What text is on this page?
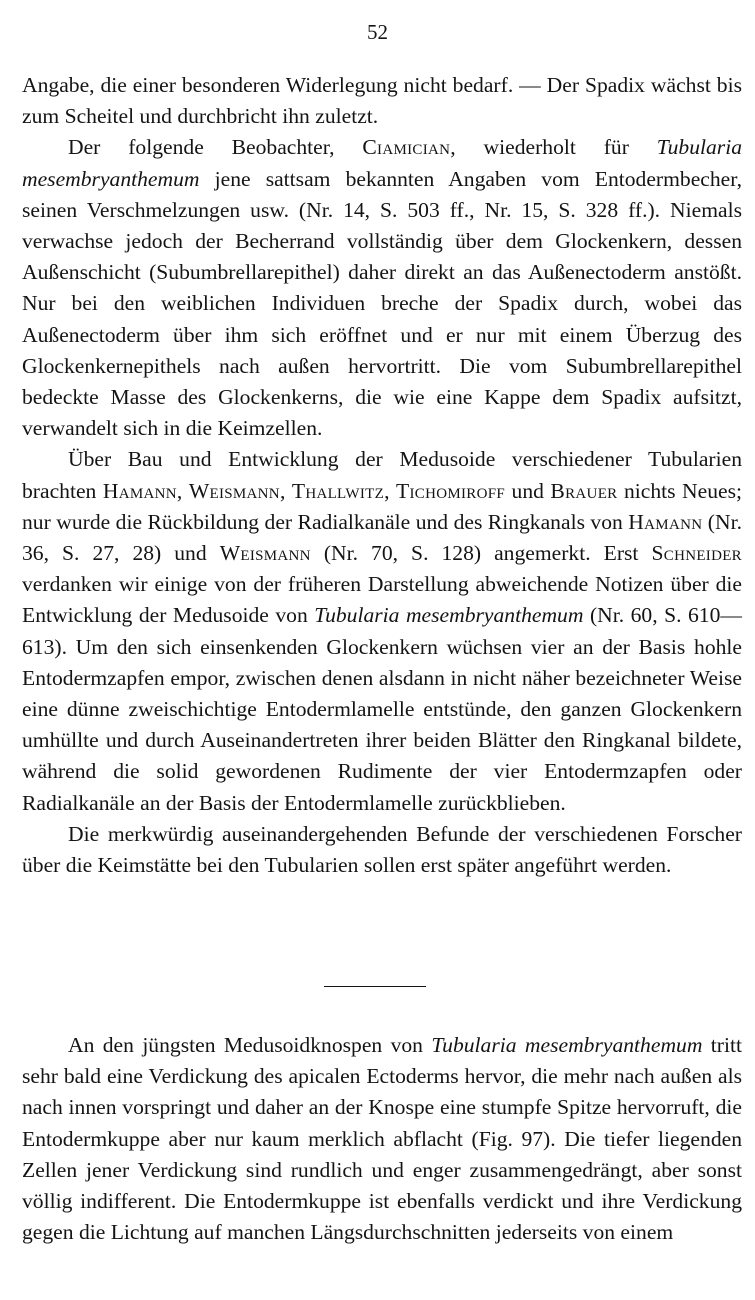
52

Angabe, die einer besonderen Widerlegung nicht bedarf. — Der Spadix wächst bis zum Scheitel und durchbricht ihn zuletzt.

Der folgende Beobachter, Ciamician, wiederholt für Tubularia mesembryanthemum jene sattsam bekannten Angaben vom Entodermbecher, seinen Verschmelzungen usw. (Nr. 14, S. 503 ff., Nr. 15, S. 328 ff.). Niemals verwachse jedoch der Becherrand vollständig über dem Glockenkern, dessen Außenschicht (Subumbrellarepithel) daher direkt an das Außenectoderm anstößt. Nur bei den weiblichen Individuen breche der Spadix durch, wobei das Außenectoderm über ihm sich eröffnet und er nur mit einem Überzug des Glockenkernepithels nach außen hervortritt. Die vom Subumbrellarepithel bedeckte Masse des Glockenkerns, die wie eine Kappe dem Spadix aufsitzt, verwandelt sich in die Keimzellen.

Über Bau und Entwicklung der Medusoide verschiedener Tubularien brachten Hamann, Weismann, Thallwitz, Tichomiroff und Brauer nichts Neues; nur wurde die Rückbildung der Radialkanäle und des Ringkanals von Hamann (Nr. 36, S. 27, 28) und Weismann (Nr. 70, S. 128) angemerkt. Erst Schneider verdanken wir einige von der früheren Darstellung abweichende Notizen über die Entwicklung der Medusoide von Tubularia mesembryanthemum (Nr. 60, S. 610—613). Um den sich einsenkenden Glockenkern wüchsen vier an der Basis hohle Entodermzapfen empor, zwischen denen alsdann in nicht näher bezeichneter Weise eine dünne zweischichtige Entodermlamelle entstünde, den ganzen Glockenkern umhüllte und durch Auseinandertreten ihrer beiden Blätter den Ringkanal bildete, während die solid gewordenen Rudimente der vier Entodermzapfen oder Radialkanäle an der Basis der Entodermlamelle zurückblieben.

Die merkwürdig auseinandergehenden Befunde der verschiedenen Forscher über die Keimstätte bei den Tubularien sollen erst später angeführt werden.

An den jüngsten Medusoidknospen von Tubularia mesembryanthemum tritt sehr bald eine Verdickung des apicalen Ectoderms hervor, die mehr nach außen als nach innen vorspringt und daher an der Knospe eine stumpfe Spitze hervorruft, die Entodermkuppe aber nur kaum merklich abflacht (Fig. 97). Die tiefer liegenden Zellen jener Verdickung sind rundlich und enger zusammengedrängt, aber sonst völlig indifferent. Die Entodermkuppe ist ebenfalls verdickt und ihre Verdickung gegen die Lichtung auf manchen Längsdurchschnitten jederseits von einem
